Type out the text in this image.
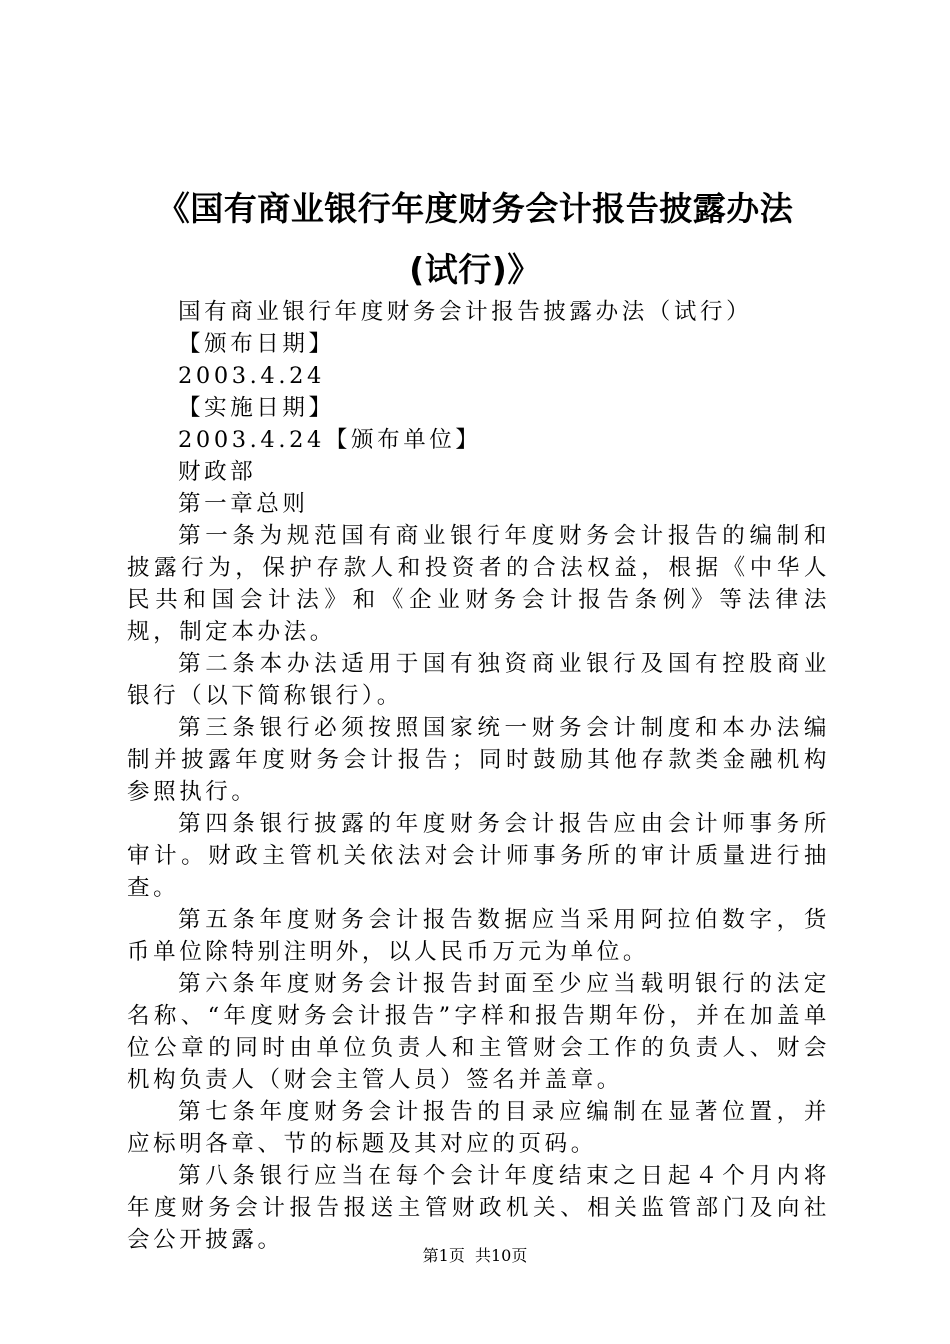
《国有商业银行年度财务会计报告披露办法
(试行)》

国有商业银行年度财务会计报告披露办法（试行）

【颁布日期】

2003.4.24

【实施日期】

2003.4.24【颁布单位】

财政部

第一章总则

第一条为规范国有商业银行年度财务会计报告的编制和披露行为，保护存款人和投资者的合法权益，根据《中华人民共和国会计法》和《企业财务会计报告条例》等法律法规，制定本办法。

第二条本办法适用于国有独资商业银行及国有控股商业银行（以下简称银行）。

第三条银行必须按照国家统一财务会计制度和本办法编制并披露年度财务会计报告；同时鼓励其他存款类金融机构参照执行。

第四条银行披露的年度财务会计报告应由会计师事务所审计。财政主管机关依法对会计师事务所的审计质量进行抽查。

第五条年度财务会计报告数据应当采用阿拉伯数字，货币单位除特别注明外，以人民币万元为单位。

第六条年度财务会计报告封面至少应当载明银行的法定名称、“年度财务会计报告”字样和报告期年份，并在加盖单位公章的同时由单位负责人和主管财会工作的负责人、财会机构负责人（财会主管人员）签名并盖章。

第七条年度财务会计报告的目录应编制在显著位置，并应标明各章、节的标题及其对应的页码。

第八条银行应当在每个会计年度结束之日起４个月内将年度财务会计报告报送主管财政机关、相关监管部门及向社会公开披露。

第1页  共10页
